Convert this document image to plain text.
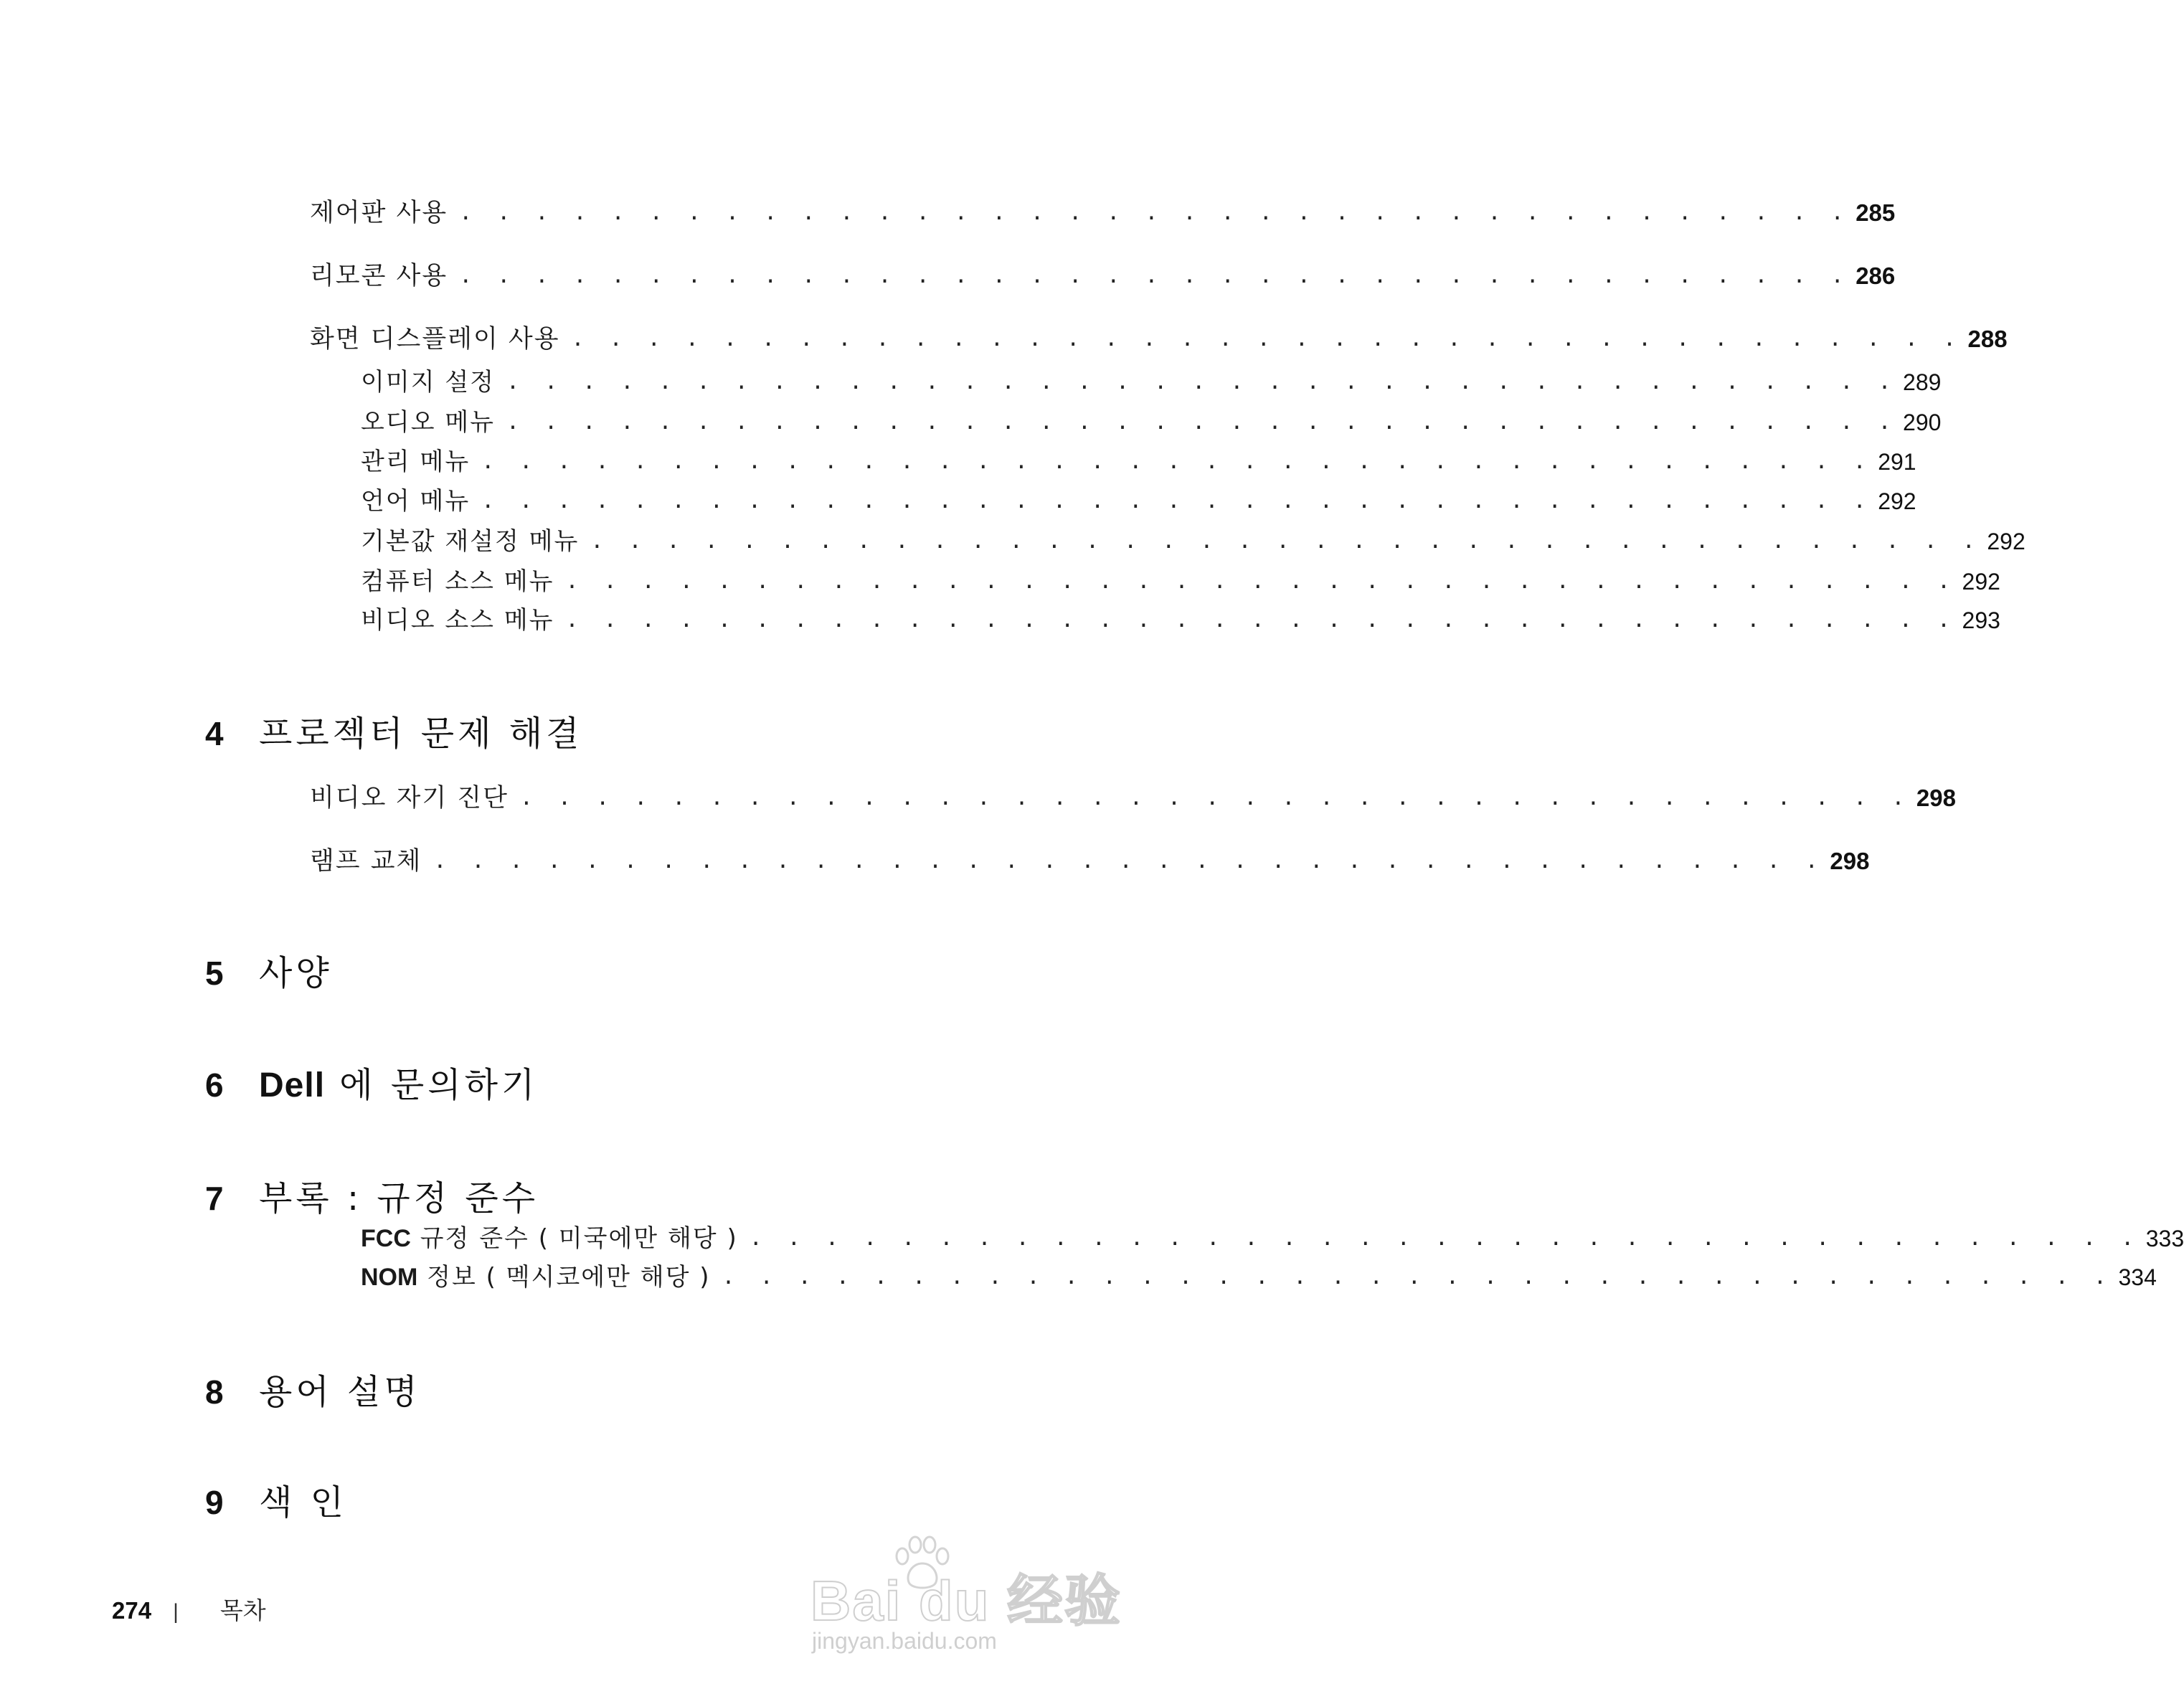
제어판 사용 . . . . . . . . . . . . . . . . . . . . . . . . . . . . . . . . . . . . . 285
리모콘 사용 . . . . . . . . . . . . . . . . . . . . . . . . . . . . . . . . . . . . . 286
화면 디스플레이 사용 . . . . . . . . . . . . . . . . . . . . . . . . . . . . . . . . . . . . . 288
이미지 설정 . . . . . . . . . . . . . . . . . . . . . . . . . . . . . . . . . . . . . 289
오디오 메뉴 . . . . . . . . . . . . . . . . . . . . . . . . . . . . . . . . . . . . . 290
관리 메뉴 . . . . . . . . . . . . . . . . . . . . . . . . . . . . . . . . . . . . . 291
언어 메뉴 . . . . . . . . . . . . . . . . . . . . . . . . . . . . . . . . . . . . . 292
기본값 재설정 메뉴 . . . . . . . . . . . . . . . . . . . . . . . . . . . . . . . . . . . . . 292
컴퓨터 소스 메뉴 . . . . . . . . . . . . . . . . . . . . . . . . . . . . . . . . . . . . . 292
비디오 소스 메뉴 . . . . . . . . . . . . . . . . . . . . . . . . . . . . . . . . . . . . . 293
4	프로젝터 문제 해결
비디오 자기 진단 . . . . . . . . . . . . . . . . . . . . . . . . . . . . . . . . . . . . . 298
램프 교체 . . . . . . . . . . . . . . . . . . . . . . . . . . . . . . . . . . . . . 298
5	사양
6	Dell 에 문의하기
7	부록 : 규정 준수
FCC 규정 준수 ( 미국에만 해당 ) . . . . . . . . . . . . . . . . . . . . . . . . . . . . . . . . . . . . . 333
NOM 정보 ( 멕시코에만 해당 ) . . . . . . . . . . . . . . . . . . . . . . . . . . . . . . . . . . . . . 334
8	용어 설명
9	색 인
274 | 목차	Bai du 经验
jingyan.baidu.com
